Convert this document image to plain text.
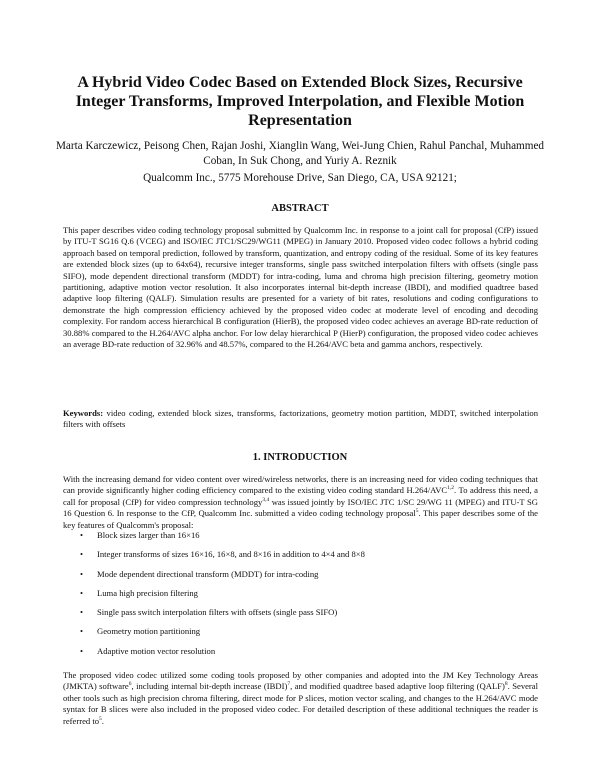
A Hybrid Video Codec Based on Extended Block Sizes, Recursive Integer Transforms, Improved Interpolation, and Flexible Motion Representation

Marta Karczewicz, Peisong Chen, Rajan Joshi, Xianglin Wang, Wei-Jung Chien, Rahul Panchal, Muhammed Coban, In Suk Chong, and Yuriy A. Reznik

Qualcomm Inc., 5775 Morehouse Drive, San Diego, CA, USA 92121;

ABSTRACT

This paper describes video coding technology proposal submitted by Qualcomm Inc. in response to a joint call for proposal (CfP) issued by ITU-T SG16 Q.6 (VCEG) and ISO/IEC JTC1/SC29/WG11 (MPEG) in January 2010. Proposed video codec follows a hybrid coding approach based on temporal prediction, followed by transform, quantization, and entropy coding of the residual. Some of its key features are extended block sizes (up to 64x64), recursive integer transforms, single pass switched interpolation filters with offsets (single pass SIFO), mode dependent directional transform (MDDT) for intra-coding, luma and chroma high precision filtering, geometry motion partitioning, adaptive motion vector resolution. It also incorporates internal bit-depth increase (IBDI), and modified quadtree based adaptive loop filtering (QALF). Simulation results are presented for a variety of bit rates, resolutions and coding configurations to demonstrate the high compression efficiency achieved by the proposed video codec at moderate level of encoding and decoding complexity. For random access hierarchical B configuration (HierB), the proposed video codec achieves an average BD-rate reduction of 30.88% compared to the H.264/AVC alpha anchor. For low delay hierarchical P (HierP) configuration, the proposed video codec achieves an average BD-rate reduction of 32.96% and 48.57%, compared to the H.264/AVC beta and gamma anchors, respectively.

Keywords: video coding, extended block sizes, transforms, factorizations, geometry motion partition, MDDT, switched interpolation filters with offsets

1. INTRODUCTION

With the increasing demand for video content over wired/wireless networks, there is an increasing need for video coding techniques that can provide significantly higher coding efficiency compared to the existing video coding standard H.264/AVC$^{1,2}$. To address this need, a call for proposal (CfP) for video compression technology$^{3,4}$ was issued jointly by ISO/IEC JTC 1/SC 29/WG 11 (MPEG) and ITU-T SG 16 Question 6. In response to the CfP, Qualcomm Inc. submitted a video coding technology proposal$^5$. This paper describes some of the key features of Qualcomm's proposal:

• Block sizes larger than 16×16
• Integer transforms of sizes 16×16, 16×8, and 8×16 in addition to 4×4 and 8×8
• Mode dependent directional transform (MDDT) for intra-coding
• Luma high precision filtering
• Single pass switch interpolation filters with offsets (single pass SIFO)
• Geometry motion partitioning
• Adaptive motion vector resolution

The proposed video codec utilized some coding tools proposed by other companies and adopted into the JM Key Technology Areas (JMKTA) software$^6$, including internal bit-depth increase (IBDI)$^7$, and modified quadtree based adaptive loop filtering (QALF)$^8$. Several other tools such as high precision chroma filtering, direct mode for P slices, motion vector scaling, and changes to the H.264/AVC mode syntax for B slices were also included in the proposed video codec. For detailed description of these additional techniques the reader is referred $to^5$.
